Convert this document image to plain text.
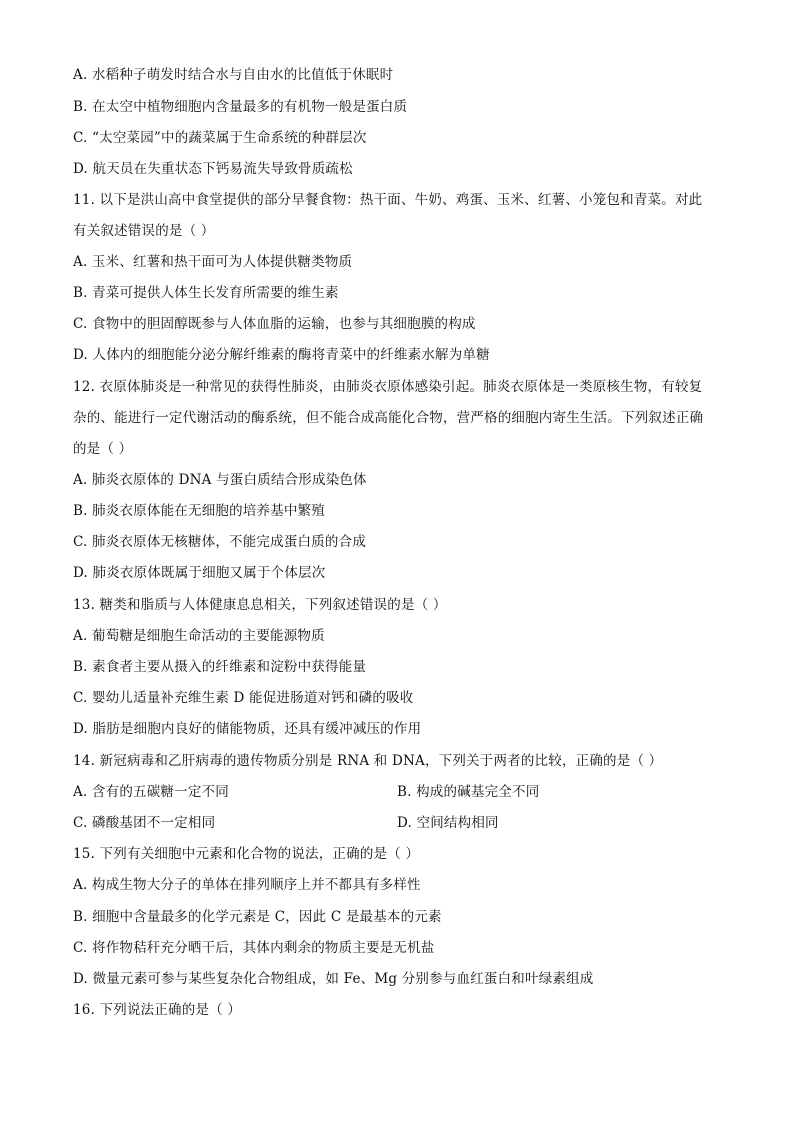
A. 水稻种子萌发时结合水与自由水的比值低于休眠时
B. 在太空中植物细胞内含量最多的有机物一般是蛋白质
C. “太空菜园”中的蔬菜属于生命系统的种群层次
D. 航天员在失重状态下钙易流失导致骨质疏松
11. 以下是洪山高中食堂提供的部分早餐食物：热干面、牛奶、鸡蛋、玉米、红薯、小笼包和青菜。对此
有关叙述错误的是（ ）
A. 玉米、红薯和热干面可为人体提供糖类物质
B. 青菜可提供人体生长发育所需要的维生素
C. 食物中的胆固醇既参与人体血脂的运输，也参与其细胞膜的构成
D. 人体内的细胞能分泌分解纤维素的酶将青菜中的纤维素水解为单糖
12. 衣原体肺炎是一种常见的获得性肺炎，由肺炎衣原体感染引起。肺炎衣原体是一类原核生物，有较复
杂的、能进行一定代谢活动的酶系统，但不能合成高能化合物，营严格的细胞内寄生生活。下列叙述正确
的是（ ）
A. 肺炎衣原体的 DNA 与蛋白质结合形成染色体
B. 肺炎衣原体能在无细胞的培养基中繁殖
C. 肺炎衣原体无核糖体，不能完成蛋白质的合成
D. 肺炎衣原体既属于细胞又属于个体层次
13. 糖类和脂质与人体健康息息相关，下列叙述错误的是（ ）
A. 葡萄糖是细胞生命活动的主要能源物质
B. 素食者主要从摄入的纤维素和淀粉中获得能量
C. 婴幼儿适量补充维生素 D 能促进肠道对钙和磷的吸收
D. 脂肪是细胞内良好的储能物质，还具有缓冲减压的作用
14. 新冠病毒和乙肝病毒的遗传物质分别是 RNA 和 DNA，下列关于两者的比较，正确的是（ ）
A. 含有的五碳糖一定不同	B. 构成的碱基完全不同
C. 磷酸基团不一定相同	D. 空间结构相同
15. 下列有关细胞中元素和化合物的说法，正确的是（ ）
A. 构成生物大分子的单体在排列顺序上并不都具有多样性
B. 细胞中含量最多的化学元素是 C，因此 C 是最基本的元素
C. 将作物秸秆充分晒干后，其体内剩余的物质主要是无机盐
D. 微量元素可参与某些复杂化合物组成，如 Fe、Mg 分别参与血红蛋白和叶绿素组成
16. 下列说法正确的是（ ）
